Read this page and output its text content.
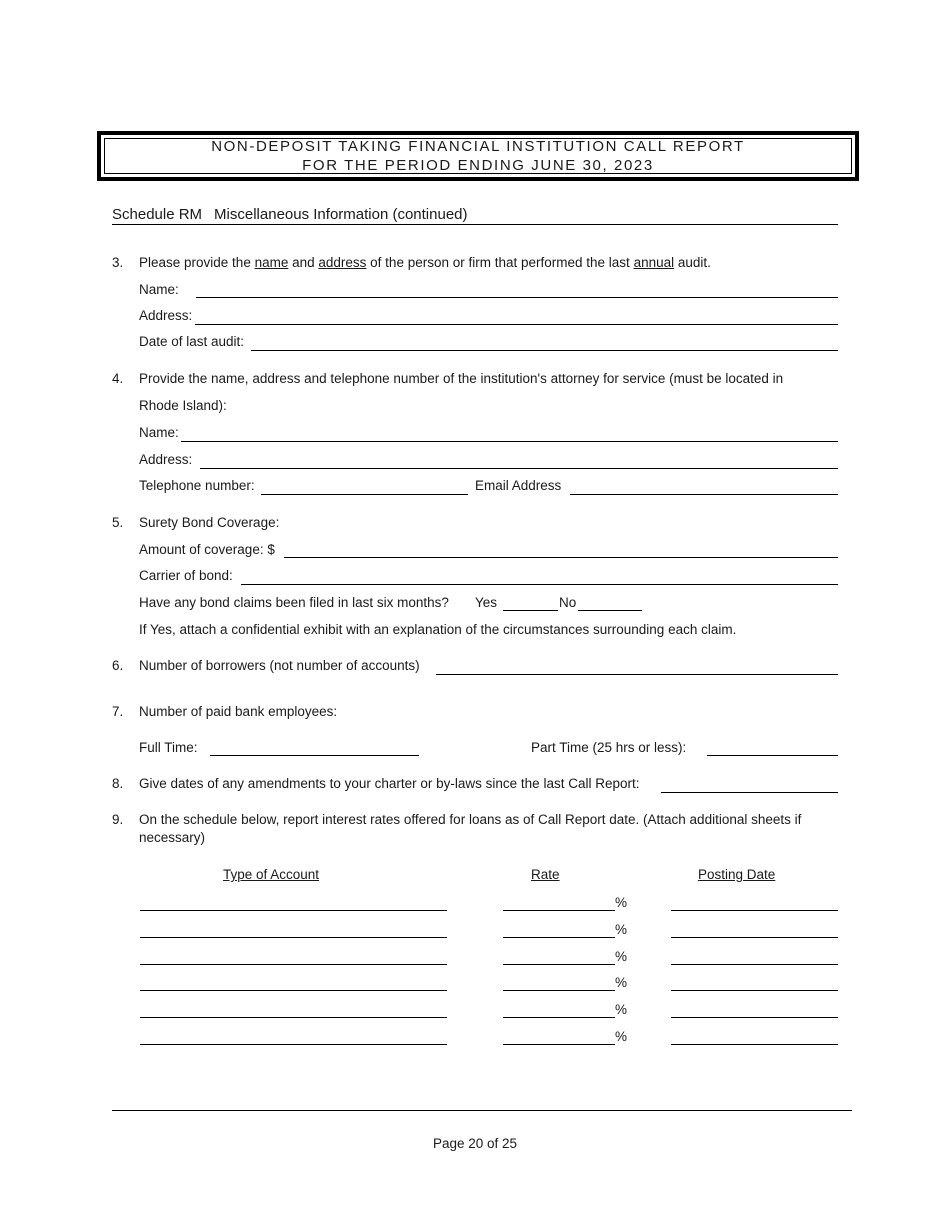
NON-DEPOSIT TAKING FINANCIAL INSTITUTION CALL REPORT
FOR THE PERIOD ENDING JUNE 30, 2023
Schedule RM Miscellaneous Information (continued)
3.	Please provide the name and address of the person or firm that performed the last annual audit.
Name:
Address:
Date of last audit:
4.	Provide the name, address and telephone number of the institution's attorney for service (must be located in
Rhode Island):
Name:
Address:
Telephone number:	Email Address
5.	Surety Bond Coverage:
Amount of coverage: $
Carrier of bond:
Have any bond claims been filed in last six months? Yes	No
If Yes, attach a confidential exhibit with an explanation of the circumstances surrounding each claim.
6.	Number of borrowers (not number of accounts)
7.	Number of paid bank employees:
Full Time:	Part Time (25 hrs or less):
8.	Give dates of any amendments to your charter or by-laws since the last Call Report:
9.	On the schedule below, report interest rates offered for loans as of Call Report date. (Attach additional sheets if necessary)
Type of Account	Rate	Posting Date
%
%
%
%
%
%
Page 20 of 25
